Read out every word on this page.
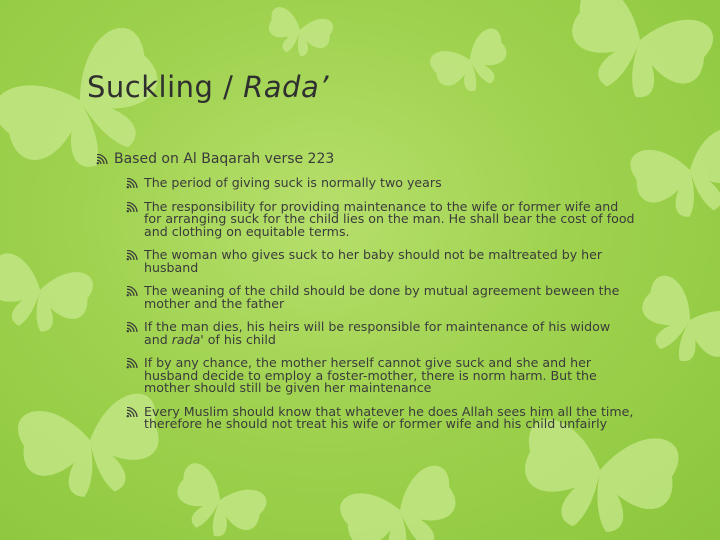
Suckling / Rada’
Based on Al Baqarah verse 223
The period of giving suck is normally two years
The responsibility for providing maintenance to the wife or former wife and for arranging suck for the child lies on the man. He shall bear the cost of food and clothing on equitable terms.
The woman who gives suck to her baby should not be maltreated by her husband
The weaning of the child should be done by mutual agreement beween the mother and the father
If the man dies, his heirs will be responsible for maintenance of his widow and rada' of his child
If by any chance, the mother herself cannot give suck and she and her husband decide to employ a foster-mother, there is norm harm. But the mother should still be given her maintenance
Every Muslim should know that whatever he does Allah sees him all the time, therefore he should not treat his wife or former wife and his child unfairly
